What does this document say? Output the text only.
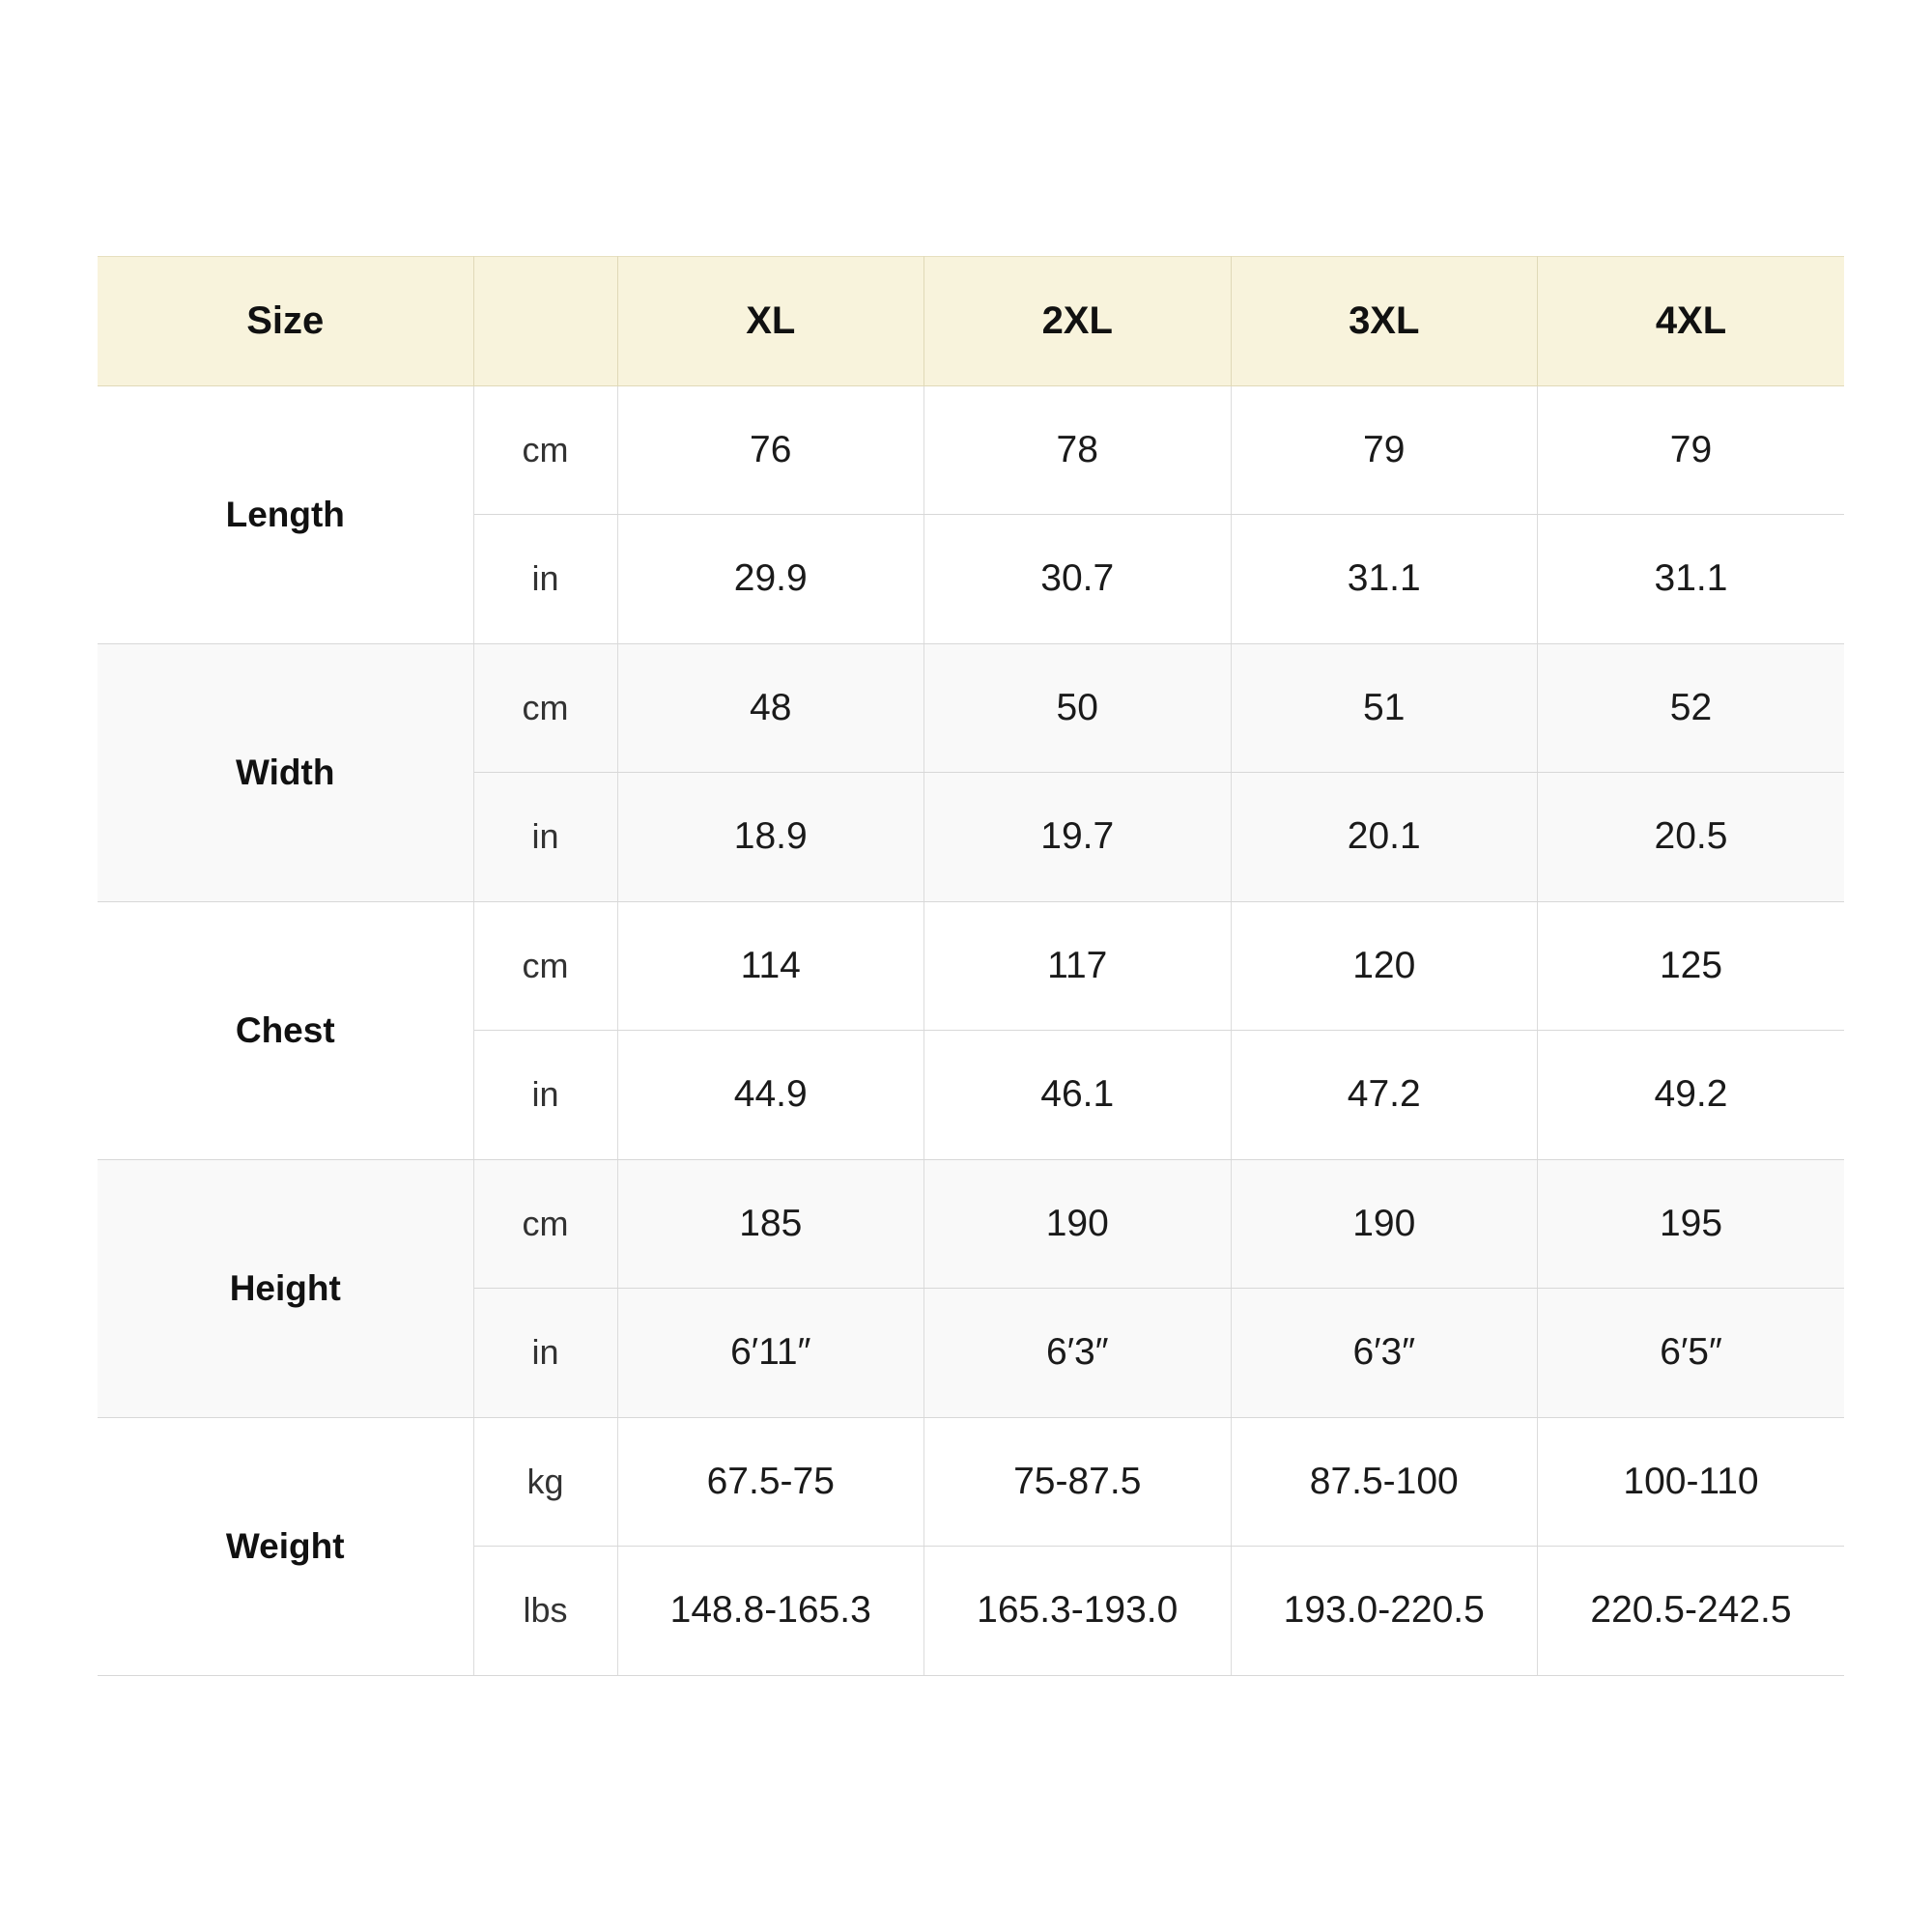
Size		XL	2XL	3XL	4XL
Length	cm	76	78	79	79
	in	29.9	30.7	31.1	31.1
Width	cm	48	50	51	52
	in	18.9	19.7	20.1	20.5
Chest	cm	114	117	120	125
	in	44.9	46.1	47.2	49.2
Height	cm	185	190	190	195
	in	6′11″	6′3″	6′3″	6′5″
Weight	kg	67.5-75	75-87.5	87.5-100	100-110
	lbs	148.8-165.3	165.3-193.0	193.0-220.5	220.5-242.5
